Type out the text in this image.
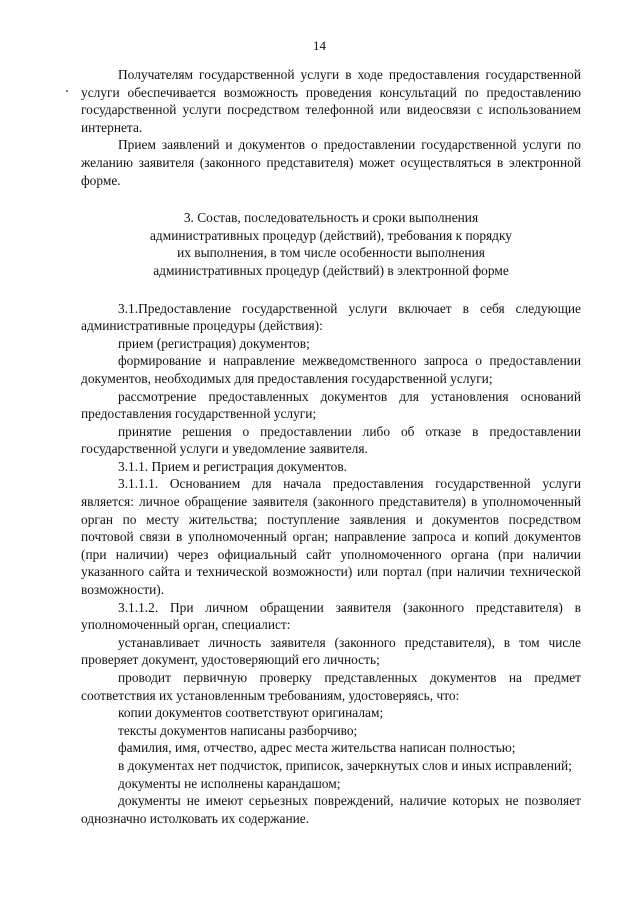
14

Получателям государственной услуги в ходе предоставления государственной услуги обеспечивается возможность проведения консультаций по предоставлению государственной услуги посредством телефонной или видеосвязи с использованием интернета.

Прием заявлений и документов о предоставлении государственной услуги по желанию заявителя (законного представителя) может осуществляться в электронной форме.

3. Состав, последовательность и сроки выполнения
административных процедур (действий), требования к порядку
их выполнения, в том числе особенности выполнения
административных процедур (действий) в электронной форме

3.1.Предоставление государственной услуги включает в себя следующие административные процедуры (действия):

прием (регистрация) документов;

формирование и направление межведомственного запроса о предоставлении документов, необходимых для предоставления государственной услуги;

рассмотрение предоставленных документов для установления оснований предоставления государственной услуги;

принятие решения о предоставлении либо об отказе в предоставлении государственной услуги и уведомление заявителя.

3.1.1. Прием и регистрация документов.

3.1.1.1. Основанием для начала предоставления государственной услуги является: личное обращение заявителя (законного представителя) в уполномоченный орган по месту жительства; поступление заявления и документов посредством почтовой связи в уполномоченный орган; направление запроса и копий документов (при наличии) через официальный сайт уполномоченного органа (при наличии указанного сайта и технической возможности) или портал (при наличии технической возможности).

3.1.1.2. При личном обращении заявителя (законного представителя) в уполномоченный орган, специалист:

устанавливает личность заявителя (законного представителя), в том числе проверяет документ, удостоверяющий его личность;

проводит первичную проверку представленных документов на предмет соответствия их установленным требованиям, удостоверяясь, что:

копии документов соответствуют оригиналам;

тексты документов написаны разборчиво;

фамилия, имя, отчество, адрес места жительства написан полностью;

в документах нет подчисток, приписок, зачеркнутых слов и иных исправлений;

документы не исполнены карандашом;

документы не имеют серьезных повреждений, наличие которых не позволяет однозначно истолковать их содержание.
